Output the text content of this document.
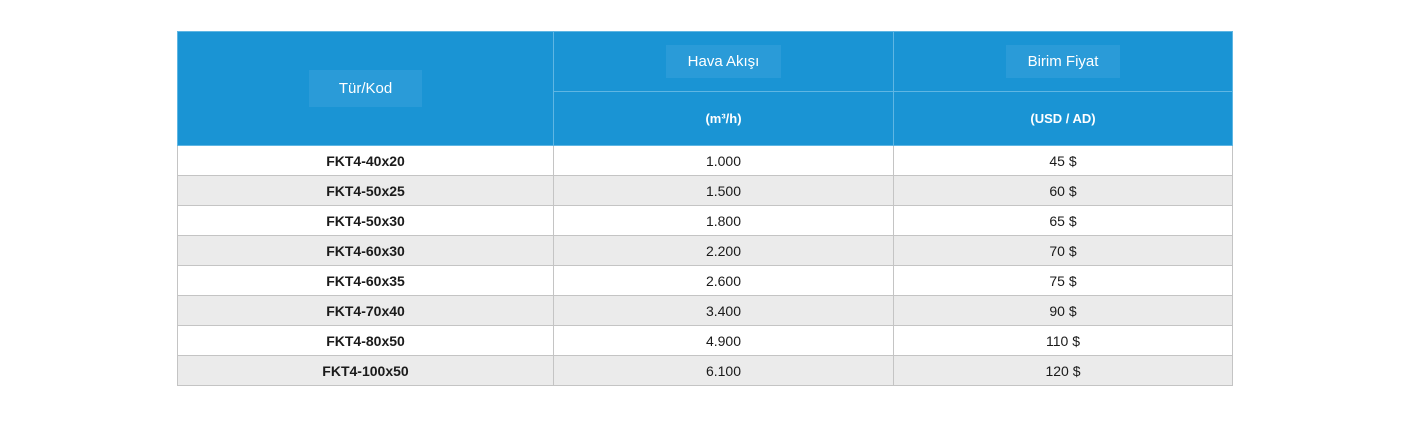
Tür/Kod	Hava Akışı	Birim Fiyat
	(m³/h)	(USD / AD)
FKT4-40x20	1.000	45 $
FKT4-50x25	1.500	60 $
FKT4-50x30	1.800	65 $
FKT4-60x30	2.200	70 $
FKT4-60x35	2.600	75 $
FKT4-70x40	3.400	90 $
FKT4-80x50	4.900	110 $
FKT4-100x50	6.100	120 $
